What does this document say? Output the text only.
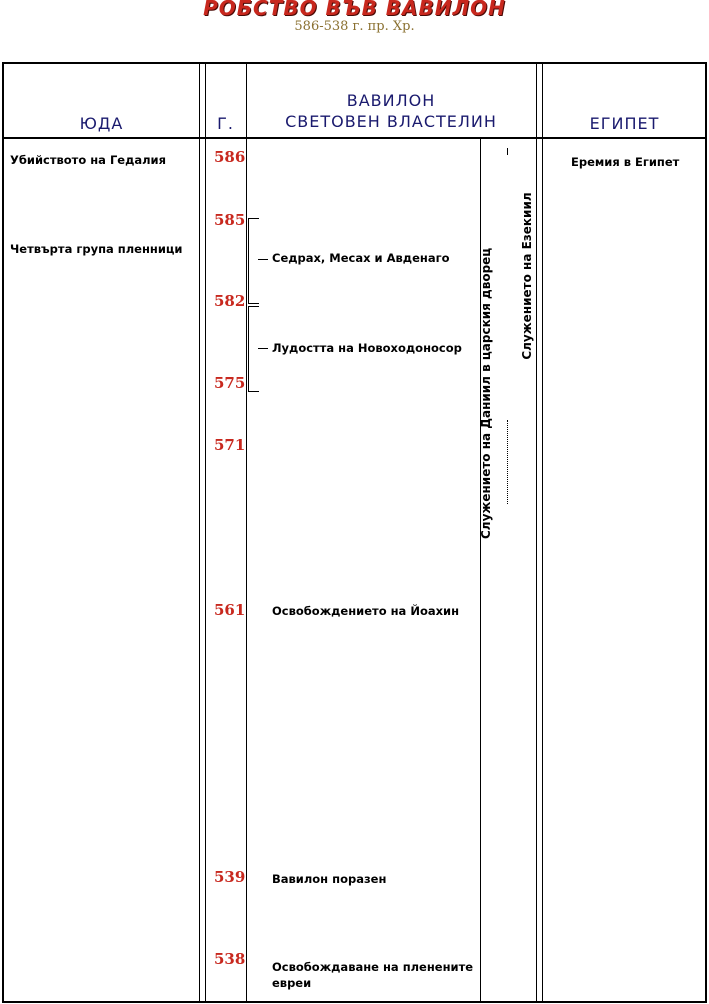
РОБСТВО ВЪВ ВАВИЛОН
586-538 г. пр. Хр.
ЮДА	Г.
ВАВИЛОН
СВЕТОВЕН ВЛАСТЕЛИН	ЕГИПЕТ
Убийството на Гедалия
Четвърта група пленници
586
585
582
575
571
561
539
538
Седрах, Месах и Авденаго
Лудостта на Новоходоносор
Освобождението на Йоахин
Вавилон поразен
Освобождаване на пленените
евреи
Служението на Даниил в царския дворец Служението на Езекиил
Еремия в Египет
